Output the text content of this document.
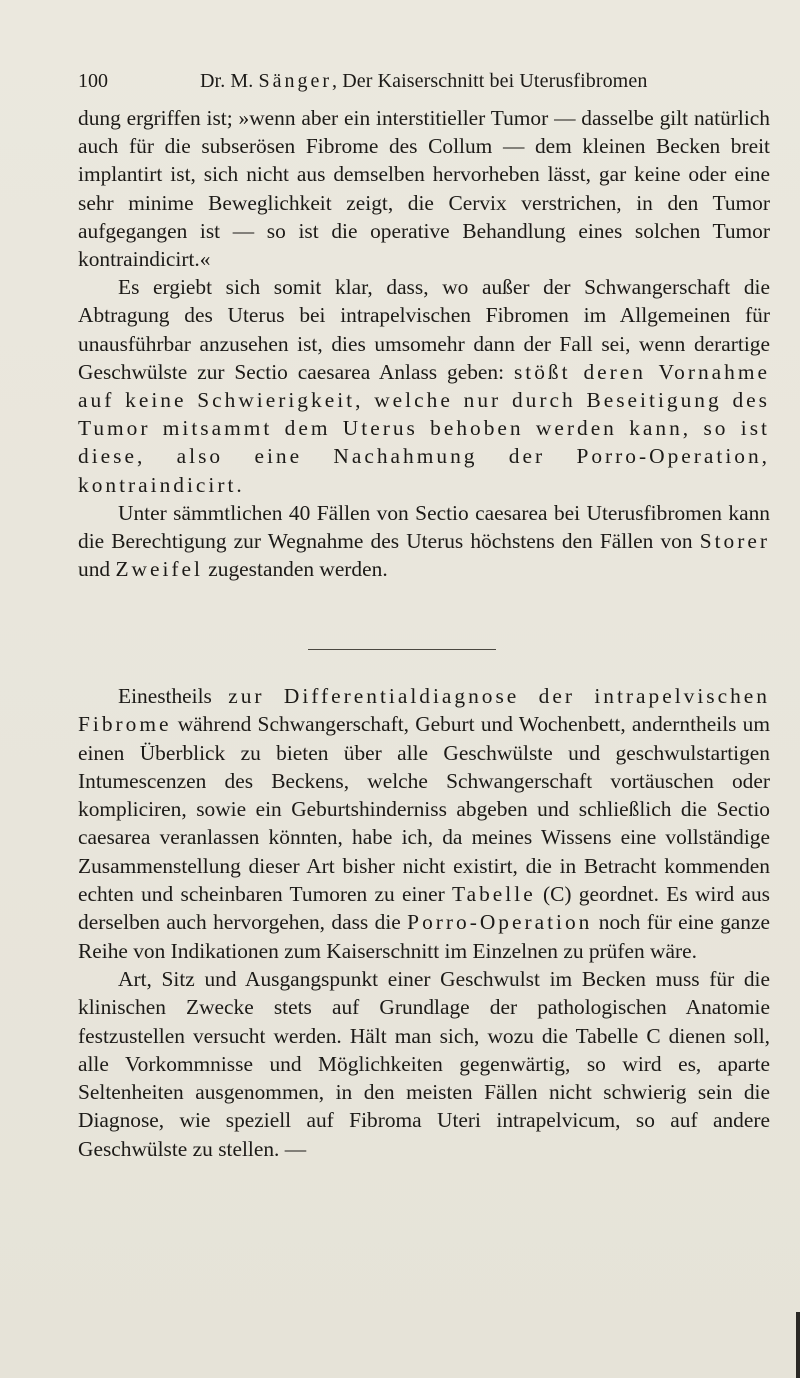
100	Dr. M. Sänger, Der Kaiserschnitt bei Uterusfibromen

dung ergriffen ist; »wenn aber ein interstitieller Tumor — dasselbe gilt natürlich auch für die subserösen Fibrome des Collum — dem kleinen Becken breit implantirt ist, sich nicht aus demselben hervorheben lässt, gar keine oder eine sehr minime Beweglichkeit zeigt, die Cervix verstrichen, in den Tumor aufgegangen ist — so ist die operative Behandlung eines solchen Tumor kontraindicirt.«

Es ergiebt sich somit klar, dass, wo außer der Schwangerschaft die Abtragung des Uterus bei intrapelvischen Fibromen im Allgemeinen für unausführbar anzusehen ist, dies umsomehr dann der Fall sei, wenn derartige Geschwülste zur Sectio caesarea Anlass geben: stößt deren Vornahme auf keine Schwierigkeit, welche nur durch Beseitigung des Tumor mitsammt dem Uterus behoben werden kann, so ist diese, also eine Nachahmung der Porro-Operation, kontraindicirt.

Unter sämmtlichen 40 Fällen von Sectio caesarea bei Uterusfibromen kann die Berechtigung zur Wegnahme des Uterus höchstens den Fällen von Storer und Zweifel zugestanden werden.

Einestheils zur Differentialdiagnose der intrapelvischen Fibrome während Schwangerschaft, Geburt und Wochenbett, anderntheils um einen Überblick zu bieten über alle Geschwülste und geschwulstartigen Intumescenzen des Beckens, welche Schwangerschaft vortäuschen oder kompliciren, sowie ein Geburtshinderniss abgeben und schließlich die Sectio caesarea veranlassen könnten, habe ich, da meines Wissens eine vollständige Zusammenstellung dieser Art bisher nicht existirt, die in Betracht kommenden echten und scheinbaren Tumoren zu einer Tabelle (C) geordnet. Es wird aus derselben auch hervorgehen, dass die Porro-Operation noch für eine ganze Reihe von Indikationen zum Kaiserschnitt im Einzelnen zu prüfen wäre.

Art, Sitz und Ausgangspunkt einer Geschwulst im Becken muss für die klinischen Zwecke stets auf Grundlage der pathologischen Anatomie festzustellen versucht werden. Hält man sich, wozu die Tabelle C dienen soll, alle Vorkommnisse und Möglichkeiten gegenwärtig, so wird es, aparte Seltenheiten ausgenommen, in den meisten Fällen nicht schwierig sein die Diagnose, wie speziell auf Fibroma Uteri intrapelvicum, so auf andere Geschwülste zu stellen. —
